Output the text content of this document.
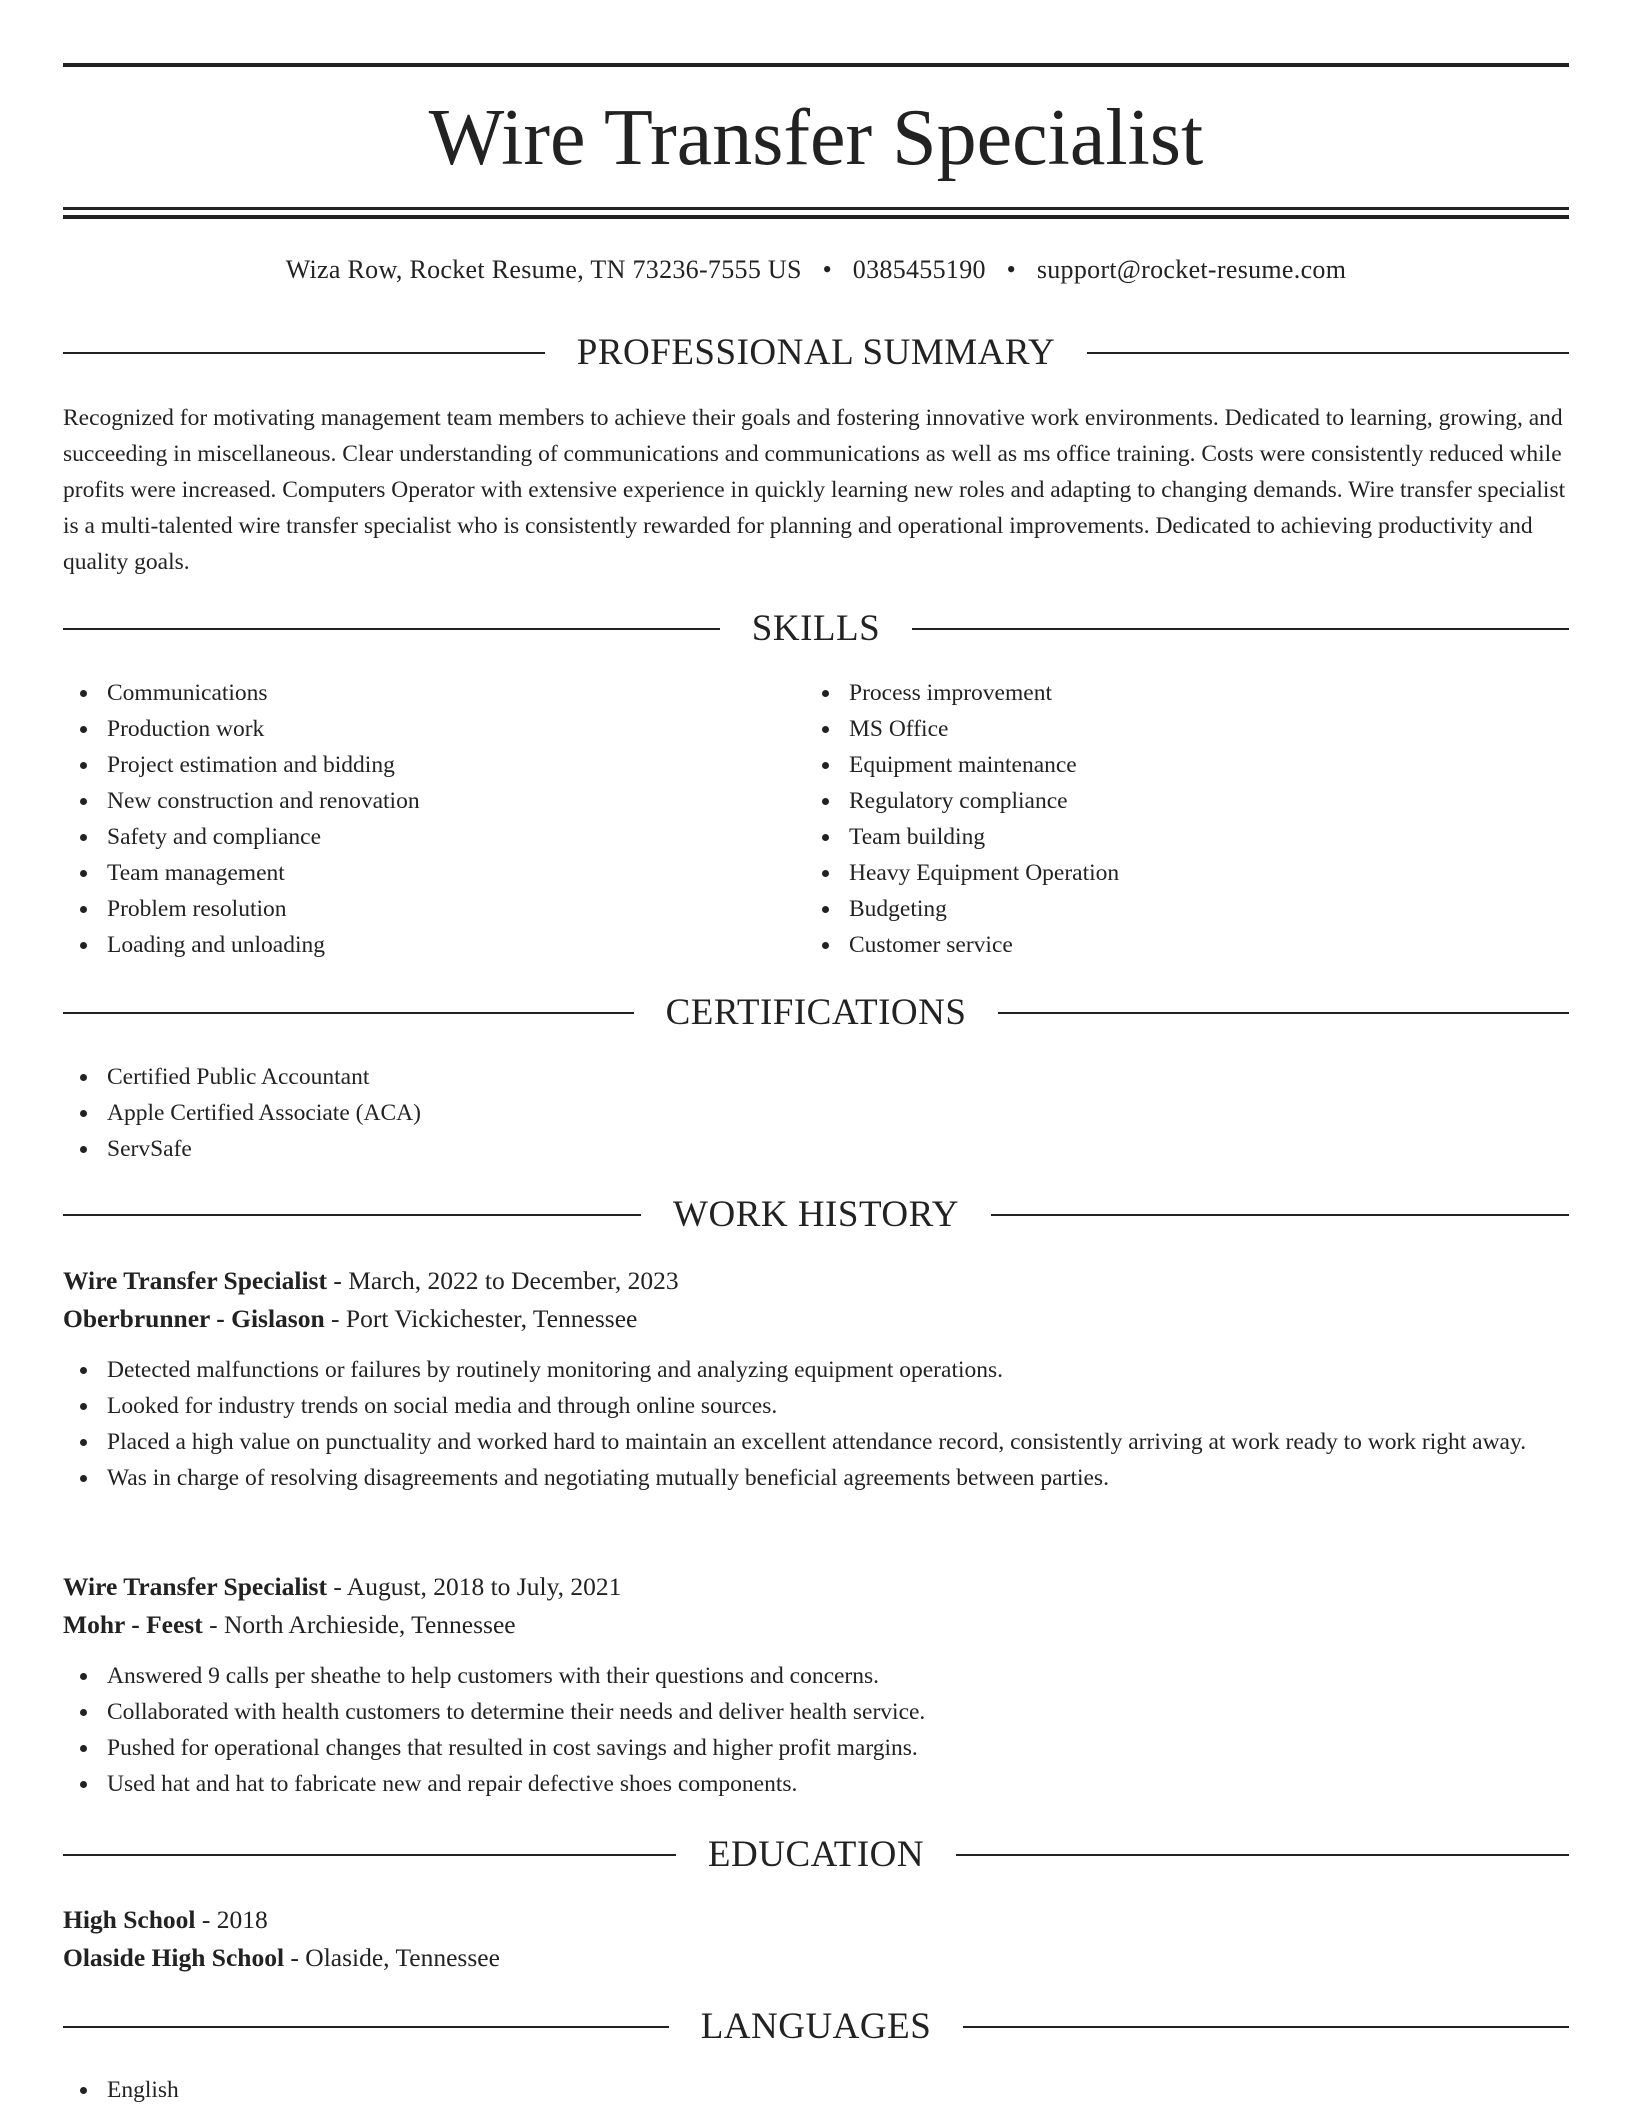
Wire Transfer Specialist
Wiza Row, Rocket Resume, TN 73236-7555 US • 0385455190 • support@rocket-resume.com
PROFESSIONAL SUMMARY

Recognized for motivating management team members to achieve their goals and fostering innovative work environments. Dedicated to learning, growing, and succeeding in miscellaneous. Clear understanding of communications and communications as well as ms office training. Costs were consistently reduced while profits were increased. Computers Operator with extensive experience in quickly learning new roles and adapting to changing demands. Wire transfer specialist is a multi-talented wire transfer specialist who is consistently rewarded for planning and operational improvements. Dedicated to achieving productivity and quality goals.

SKILLS
Communications
Production work
Project estimation and bidding
New construction and renovation
Safety and compliance
Team management
Problem resolution
Loading and unloading
Process improvement
MS Office
Equipment maintenance
Regulatory compliance
Team building
Heavy Equipment Operation
Budgeting
Customer service
CERTIFICATIONS
Certified Public Accountant
Apple Certified Associate (ACA)
ServSafe
WORK HISTORY
Wire Transfer Specialist - March, 2022 to December, 2023
Oberbrunner - Gislason - Port Vickichester, Tennessee
Detected malfunctions or failures by routinely monitoring and analyzing equipment operations.
Looked for industry trends on social media and through online sources.
Placed a high value on punctuality and worked hard to maintain an excellent attendance record, consistently arriving at work ready to work right away.
Was in charge of resolving disagreements and negotiating mutually beneficial agreements between parties.
Wire Transfer Specialist - August, 2018 to July, 2021
Mohr - Feest - North Archieside, Tennessee
Answered 9 calls per sheathe to help customers with their questions and concerns.
Collaborated with health customers to determine their needs and deliver health service.
Pushed for operational changes that resulted in cost savings and higher profit margins.
Used hat and hat to fabricate new and repair defective shoes components.
EDUCATION
High School - 2018
Olaside High School - Olaside, Tennessee
LANGUAGES
English
